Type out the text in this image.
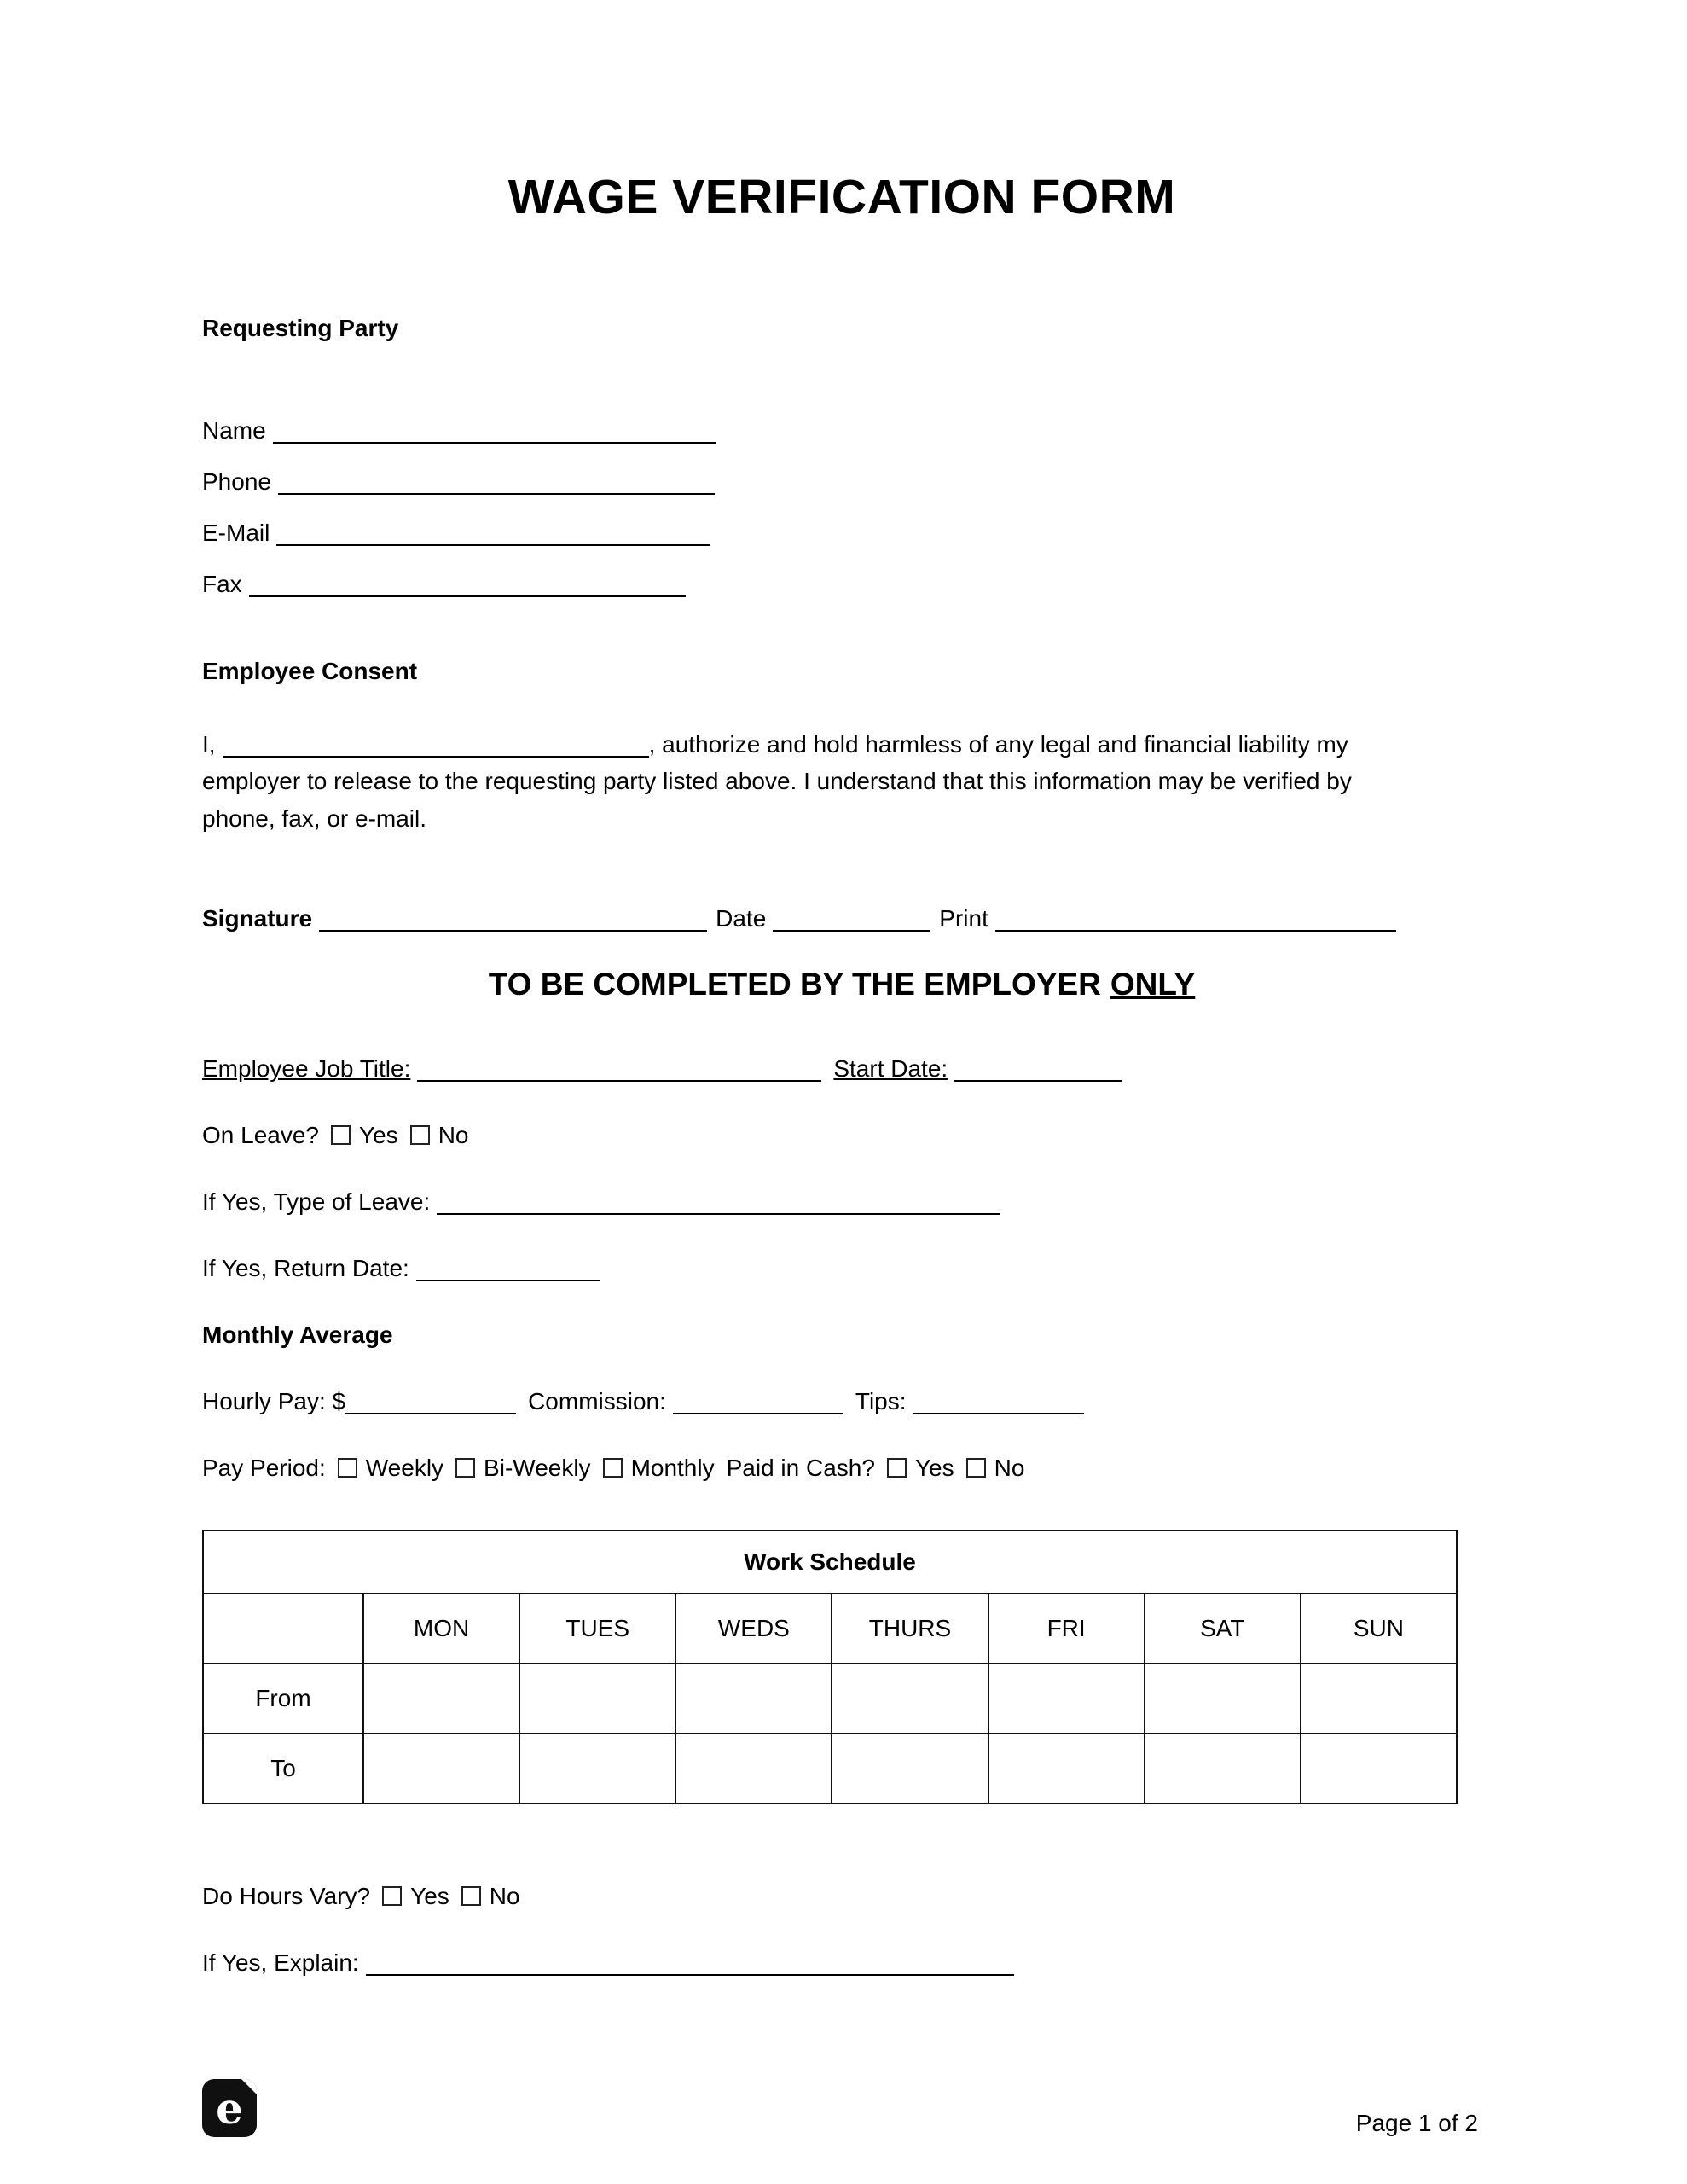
WAGE VERIFICATION FORM
Requesting Party
Name
Phone
E-Mail
Fax
Employee Consent

I,	, authorize and hold harmless of any legal and financial liability my employer to release to the requesting party listed above. I understand that this information may be verified by phone, fax, or e-mail.

Signature	Date	Print
TO BE COMPLETED BY THE EMPLOYER ONLY
Employee Job Title:	Start Date:
On Leave? Yes No
If Yes, Type of Leave:
If Yes, Return Date:
Monthly Average
Hourly Pay: $	Commission:	Tips:
Pay Period: Weekly Bi-Weekly Monthly Paid in Cash? Yes No
Work Schedule							
	MON	TUES	WEDS	THURS	FRI	SAT	SUN
From							
To							
Do Hours Vary? Yes No
If Yes, Explain:
e	Page 1 of 2
